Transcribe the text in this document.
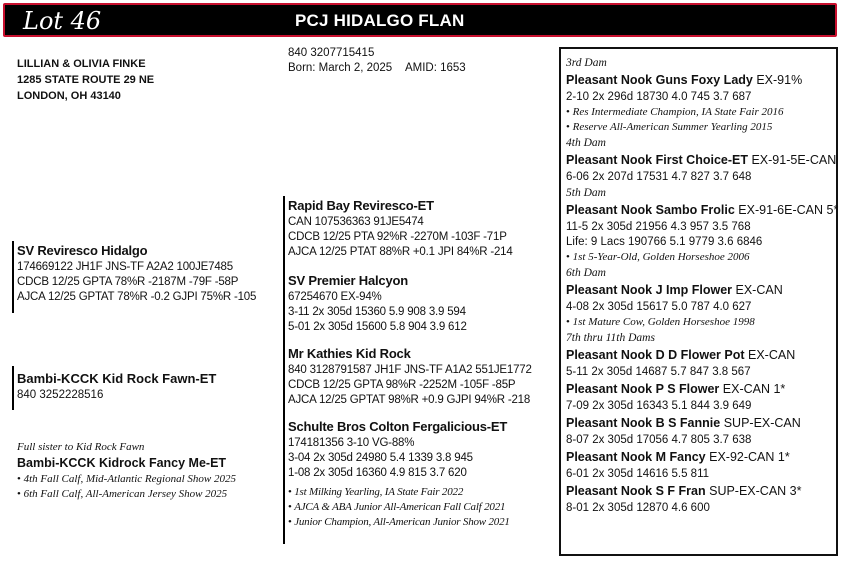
Lot 46	PCJ HIDALGO FLAN
LILLIAN & OLIVIA FINKE
1285 STATE ROUTE 29 NE
LONDON, OH 43140
840 3207715415
Born: March 2, 2025 AMID: 1653
SV Reviresco Hidalgo
174669122 JH1F JNS-TF A2A2 100JE7485
CDCB 12/25 GPTA 78%R -2187M -79F -58P
AJCA 12/25 GPTAT 78%R -0.2 GJPI 75%R -105
Bambi-KCCK Kid Rock Fawn-ET
840 3252228516
Full sister to Kid Rock Fawn
Bambi-KCCK Kidrock Fancy Me-ET
• 4th Fall Calf, Mid-Atlantic Regional Show 2025
• 6th Fall Calf, All-American Jersey Show 2025
Rapid Bay Reviresco-ET
CAN 107536363 91JE5474
CDCB 12/25 PTA 92%R -2270M -103F -71P
AJCA 12/25 PTAT 88%R +0.1 JPI 84%R -214
SV Premier Halcyon
67254670 EX-94%
3-11 2x 305d 15360 5.9 908 3.9 594
5-01 2x 305d 15600 5.8 904 3.9 612
Mr Kathies Kid Rock
840 3128791587 JH1F JNS-TF A1A2 551JE1772
CDCB 12/25 GPTA 98%R -2252M -105F -85P
AJCA 12/25 GPTAT 98%R +0.9 GJPI 94%R -218
Schulte Bros Colton Fergalicious-ET
174181356 3-10 VG-88%
3-04 2x 305d 24980 5.4 1339 3.8 945
1-08 2x 305d 16360 4.9 815 3.7 620
• 1st Milking Yearling, IA State Fair 2022
• AJCA & ABA Junior All-American Fall Calf 2021
• Junior Champion, All-American Junior Show 2021
3rd Dam
Pleasant Nook Guns Foxy Lady EX-91%
2-10 2x 296d 18730 4.0 745 3.7 687
• Res Intermediate Champion, IA State Fair 2016
• Reserve All-American Summer Yearling 2015
4th Dam
Pleasant Nook First Choice-ET EX-91-5E-CAN
6-06 2x 207d 17531 4.7 827 3.7 648
5th Dam
Pleasant Nook Sambo Frolic EX-91-6E-CAN 5*
11-5 2x 305d 21956 4.3 957 3.5 768
Life: 9 Lacs 190766 5.1 9779 3.6 6846
• 1st 5-Year-Old, Golden Horseshoe 2006
6th Dam
Pleasant Nook J Imp Flower EX-CAN
4-08 2x 305d 15617 5.0 787 4.0 627
• 1st Mature Cow, Golden Horseshoe 1998
7th thru 11th Dams
Pleasant Nook D D Flower Pot EX-CAN
5-11 2x 305d 14687 5.7 847 3.8 567
Pleasant Nook P S Flower EX-CAN 1*
7-09 2x 305d 16343 5.1 844 3.9 649
Pleasant Nook B S Fannie SUP-EX-CAN
8-07 2x 305d 17056 4.7 805 3.7 638
Pleasant Nook M Fancy EX-92-CAN 1*
6-01 2x 305d 14616 5.5 811
Pleasant Nook S F Fran SUP-EX-CAN 3*
8-01 2x 305d 12870 4.6 600
